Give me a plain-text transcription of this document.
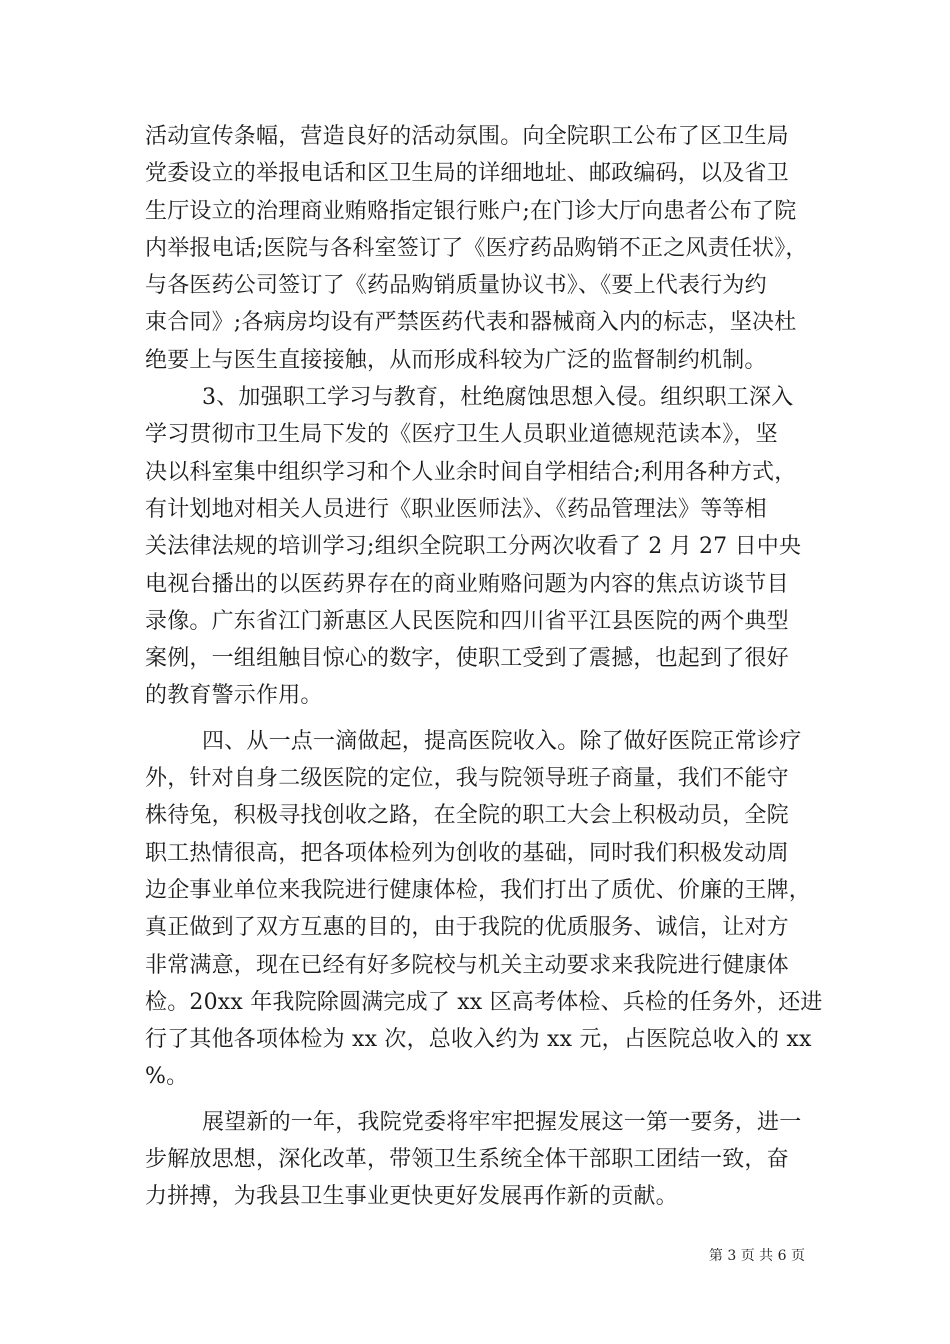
活动宣传条幅，营造良好的活动氛围。向全院职工公布了区卫生局
党委设立的举报电话和区卫生局的详细地址、邮政编码，以及省卫
生厅设立的治理商业贿赂指定银行账户;在门诊大厅向患者公布了院
内举报电话;医院与各科室签订了《医疗药品购销不正之风责任状》，
与各医药公司签订了《药品购销质量协议书》、《要上代表行为约
束合同》;各病房均设有严禁医药代表和器械商入内的标志，坚决杜
绝要上与医生直接接触，从而形成科较为广泛的监督制约机制。
3、加强职工学习与教育，杜绝腐蚀思想入侵。组织职工深入
学习贯彻市卫生局下发的《医疗卫生人员职业道德规范读本》，坚
决以科室集中组织学习和个人业余时间自学相结合;利用各种方式，
有计划地对相关人员进行《职业医师法》、《药品管理法》等等相
关法律法规的培训学习;组织全院职工分两次收看了 2 月 27 日中央
电视台播出的以医药界存在的商业贿赂问题为内容的焦点访谈节目
录像。广东省江门新惠区人民医院和四川省平江县医院的两个典型
案例，一组组触目惊心的数字，使职工受到了震撼，也起到了很好
的教育警示作用。
四、从一点一滴做起，提高医院收入。除了做好医院正常诊疗
外，针对自身二级医院的定位，我与院领导班子商量，我们不能守
株待兔，积极寻找创收之路，在全院的职工大会上积极动员，全院
职工热情很高，把各项体检列为创收的基础，同时我们积极发动周
边企事业单位来我院进行健康体检，我们打出了质优、价廉的王牌，
真正做到了双方互惠的目的，由于我院的优质服务、诚信，让对方
非常满意，现在已经有好多院校与机关主动要求来我院进行健康体
检。20xx 年我院除圆满完成了 xx 区高考体检、兵检的任务外，还进
行了其他各项体检为 xx 次，总收入约为 xx 元，占医院总收入的 xx
%。
展望新的一年，我院党委将牢牢把握发展这一第一要务，进一
步解放思想，深化改革，带领卫生系统全体干部职工团结一致，奋
力拼搏，为我县卫生事业更快更好发展再作新的贡献。
第 3 页 共 6 页
